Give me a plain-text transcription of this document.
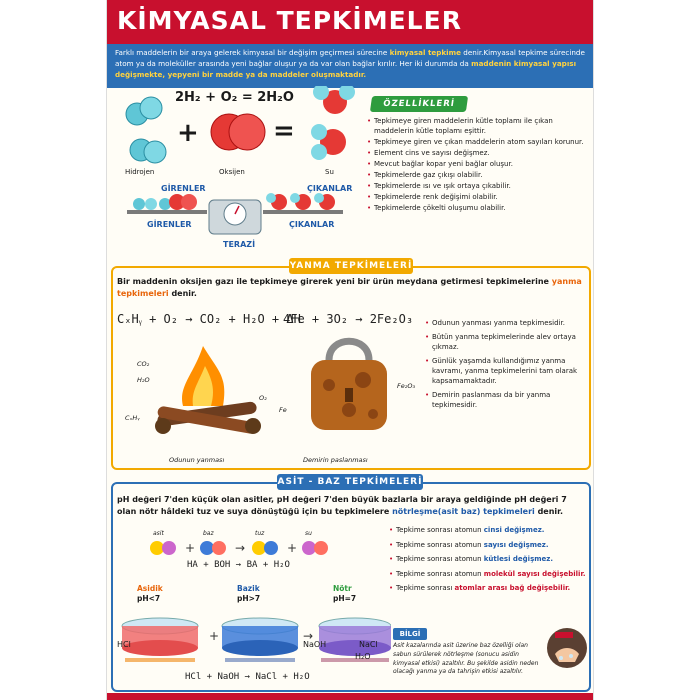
KİMYASAL TEPKİMELER
Farklı maddelerin bir araya gelerek kimyasal bir değişim geçirmesi sürecine kimyasal tepkime denir.Kimyasal tepkime sürecinde atom ya da moleküller arasında yeni bağlar oluşur ya da var olan bağlar kırılır. Her iki durumda da maddenin kimyasal yapısı değişmekte, yepyeni bir madde ya da maddeler oluşmaktadır.
2H₂ + O₂ = 2H₂O
+	=
Hidrojen	Oksijen	Su
GİRENLER	ÇIKANLAR
GİRENLER	ÇIKANLAR
TERAZİ
ÖZELLİKLERİ
• Tepkimeye giren maddelerin kütle toplamı ile çıkan maddelerin kütle toplamı eşittir.
• Tepkimeye giren ve çıkan maddelerin atom sayıları korunur.
• Element cins ve sayısı değişmez.
• Mevcut bağlar kopar yeni bağlar oluşur.
• Tepkimelerde gaz çıkışı olabilir.
• Tepkimelerde ısı ve ışık ortaya çıkabilir.
• Tepkimelerde renk değişimi olabilir.
• Tepkimelerde çökelti oluşumu olabilir.
YANMA TEPKİMELERİ
Bir maddenin oksijen gazı ile tepkimeye girerek yeni bir ürün meydana getirmesi tepkimelerine yanma tepkimeleri denir.
CₓHᵧ + O₂ → CO₂ + H₂O + ΔH
4Fe + 3O₂ → 2Fe₂O₃
CO₂
H₂O
CₓHᵧ
O₂
Fe
Fe₂O₃
Odunun yanması	Demirin paslanması
• Odunun yanması yanma tepkimesidir.
• Bütün yanma tepkimelerinde alev ortaya çıkmaz.
• Günlük yaşamda kullandığımız yanma kavramı, yanma tepkimelerini tam olarak kapsamamaktadır.
• Demirin paslanması da bir yanma tepkimesidir.
ASİT - BAZ TEPKİMELERİ
pH değeri 7'den küçük olan asitler, pH değeri 7'den büyük bazlarla bir araya geldiğinde pH değeri 7 olan nötr hâldeki tuz ve suya dönüştüğü için bu tepkimelere nötrleşme(asit baz) tepkimeleri denir.
+	→	+
asit	baz	tuz	su
HA + BOH → BA + H₂O
Asidik
pH<7
Bazik
pH>7
Nötr
pH=7
+	→
HCl	NaOH	NaCl
H₂O
HCl + NaOH → NaCl + H₂O
• Tepkime sonrası atomun cinsi değişmez.
• Tepkime sonrası atomun sayısı değişmez.
• Tepkime sonrası atomun kütlesi değişmez.
• Tepkime sonrası atomun molekül sayısı değişebilir.
• Tepkime sonrası atomlar arası bağ değişebilir.
BİLGİ
Asit kazalarında asit üzerine baz özelliği olan sabun sürülerek nötrleşme (sonucu asidin kimyasal etkisi) azaltılır. Bu şekilde asidin neden olacağı yanma ya da tahrişin etkisi azaltılır.
